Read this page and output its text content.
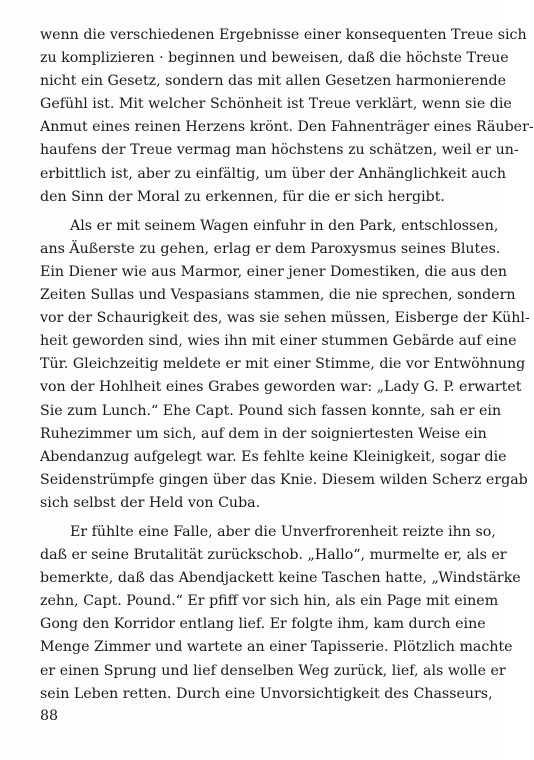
wenn die verschiedenen Ergebnisse einer konsequenten Treue sich
zu komplizieren · beginnen und beweisen, daß die höchste Treue
nicht ein Gesetz, sondern das mit allen Gesetzen harmonierende
Gefühl ist. Mit welcher Schönheit ist Treue verklärt, wenn sie die
Anmut eines reinen Herzens krönt. Den Fahnenträger eines Räuber-
haufens der Treue vermag man höchstens zu schätzen, weil er un-
erbittlich ist, aber zu einfältig, um über der Anhänglichkeit auch
den Sinn der Moral zu erkennen, für die er sich hergibt.
Als er mit seinem Wagen einfuhr in den Park, entschlossen,
ans Äußerste zu gehen, erlag er dem Paroxysmus seines Blutes.
Ein Diener wie aus Marmor, einer jener Domestiken, die aus den
Zeiten Sullas und Vespasians stammen, die nie sprechen, sondern
vor der Schaurigkeit des, was sie sehen müssen, Eisberge der Kühl-
heit geworden sind, wies ihn mit einer stummen Gebärde auf eine
Tür. Gleichzeitig meldete er mit einer Stimme, die vor Entwöhnung
von der Hohlheit eines Grabes geworden war: „Lady G. P. erwartet
Sie zum Lunch.“ Ehe Capt. Pound sich fassen konnte, sah er ein
Ruhezimmer um sich, auf dem in der soigniertesten Weise ein
Abendanzug aufgelegt war. Es fehlte keine Kleinigkeit, sogar die
Seidenstrümpfe gingen über das Knie. Diesem wilden Scherz ergab
sich selbst der Held von Cuba.
Er fühlte eine Falle, aber die Unverfrorenheit reizte ihn so,
daß er seine Brutalität zurückschob. „Hallo“, murmelte er, als er
bemerkte, daß das Abendjackett keine Taschen hatte, „Windstärke
zehn, Capt. Pound.“ Er pfiff vor sich hin, als ein Page mit einem
Gong den Korridor entlang lief. Er folgte ihm, kam durch eine
Menge Zimmer und wartete an einer Tapisserie. Plötzlich machte
er einen Sprung und lief denselben Weg zurück, lief, als wolle er
sein Leben retten. Durch eine Unvorsichtigkeit des Chasseurs,
88
